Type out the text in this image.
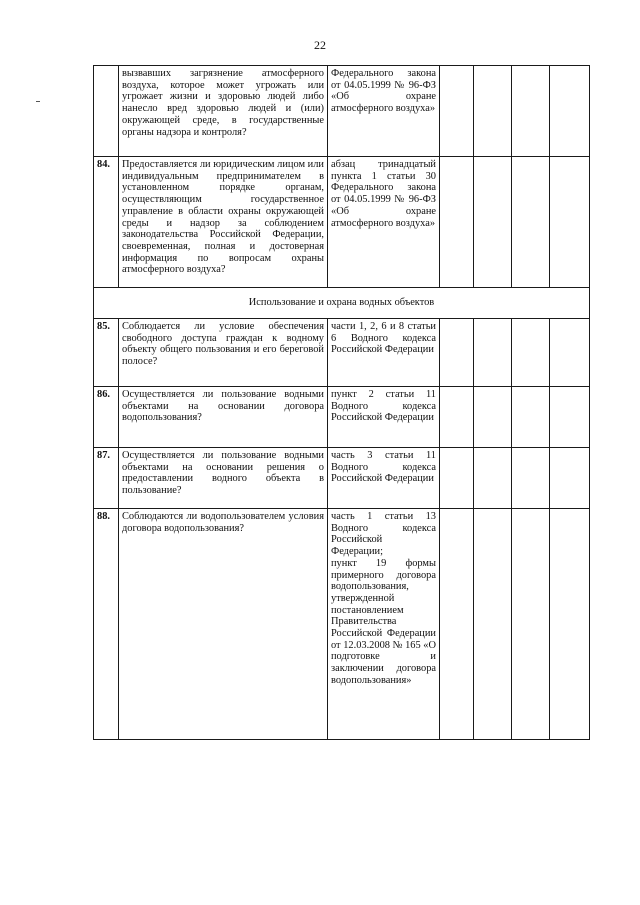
22
	вызвавших загрязнение атмосферного воздуха, которое может угрожать или угрожает жизни и здоровью людей либо нанесло вред здоровью людей и (или) окружающей среде, в государственные органы надзора и контроля?	Федерального закона от 04.05.1999 № 96-ФЗ «Об охране атмосферного воздуха»				
84.	Предоставляется ли юридическим лицом или индивидуальным предпринимателем в установленном порядке органам, осуществляющим государственное управление в области охраны окружающей среды и надзор за соблюдением законодательства Российской Федерации, своевременная, полная и достоверная информация по вопросам охраны атмосферного воздуха?	абзац тринадцатый пункта 1 статьи 30 Федерального закона от 04.05.1999 № 96-ФЗ «Об охране атмосферного воздуха»				
Использование и охрана водных объектов						
85.	Соблюдается ли условие обеспечения свободного доступа граждан к водному объекту общего пользования и его береговой полосе?	части 1, 2, 6 и 8 статьи 6 Водного кодекса Российской Федерации				
86.	Осуществляется ли пользование водными объектами на основании договора водопользования?	пункт 2 статьи 11 Водного кодекса Российской Федерации				
87.	Осуществляется ли пользование водными объектами на основании решения о предоставлении водного объекта в пользование?	часть 3 статьи 11 Водного кодекса Российской Федерации				
88.	Соблюдаются ли водопользователем условия договора водопользования?	часть 1 статьи 13 Водного кодекса Российской Федерации;
пункт 19 формы примерного договора водопользования, утвержденной постановлением Правительства Российской Федерации от 12.03.2008 № 165 «О подготовке и заключении договора водопользования»				
